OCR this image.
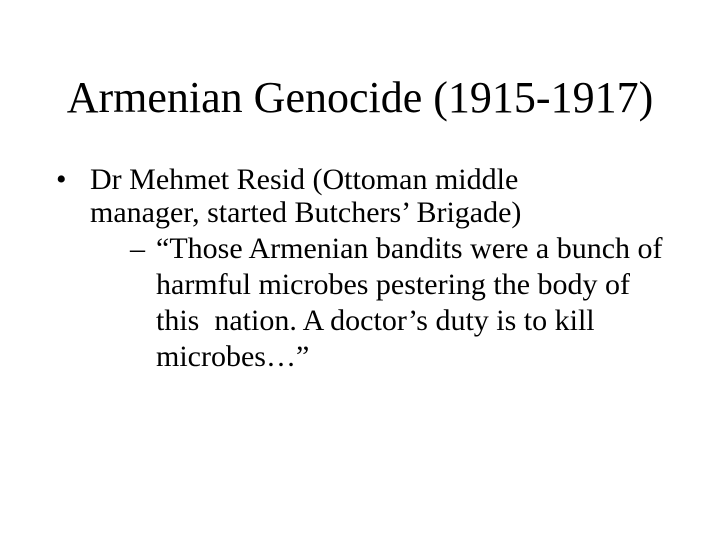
Armenian Genocide (1915-1917)
• Dr Mehmet Resid (Ottoman middle
manager, started Butchers’ Brigade)
– “Those Armenian bandits were a bunch of
harmful microbes pestering the body of
this  nation. A doctor’s duty is to kill
microbes…”
